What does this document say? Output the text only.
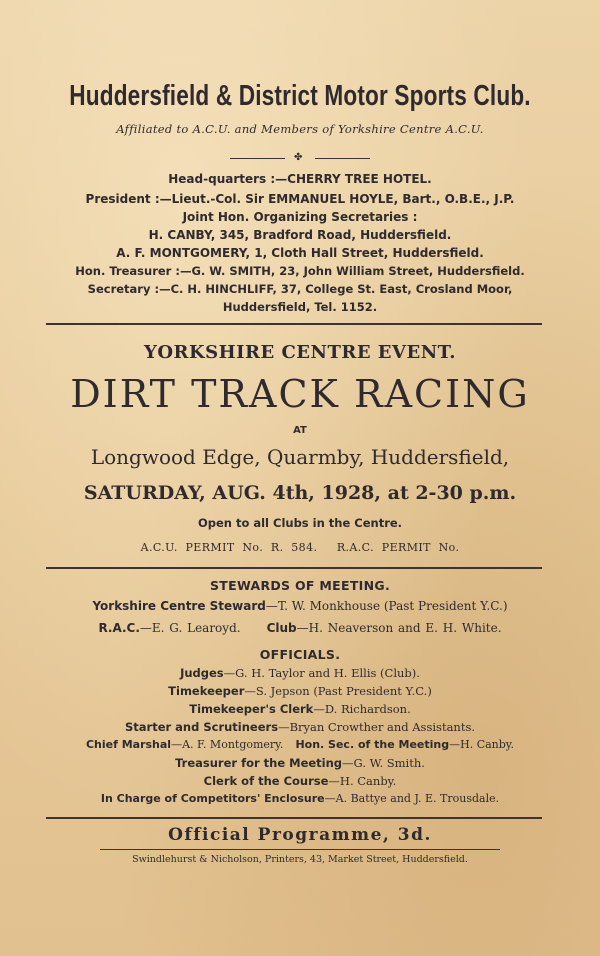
Huddersfield & District Motor Sports Club.
Affiliated to A.C.U. and Members of Yorkshire Centre A.C.U.
✤
Head-quarters :—CHERRY TREE HOTEL.
President :—Lieut.-Col. Sir EMMANUEL HOYLE, Bart., O.B.E., J.P.
Joint Hon. Organizing Secretaries :
H. CANBY, 345, Bradford Road, Huddersfield.
A. F. MONTGOMERY, 1, Cloth Hall Street, Huddersfield.
Hon. Treasurer :—G. W. SMITH, 23, John William Street, Huddersfield.
Secretary :—C. H. HINCHLIFF, 37, College St. East, Crosland Moor,
Huddersfield, Tel. 1152.
YORKSHIRE CENTRE EVENT.
DIRT TRACK RACING
AT
Longwood Edge, Quarmby, Huddersfield,
SATURDAY, AUG. 4th, 1928, at 2-30 p.m.
Open to all Clubs in the Centre.
A.C.U.  PERMIT  No.  R.  584.     R.A.C.  PERMIT  No.
STEWARDS OF MEETING.
Yorkshire Centre Steward—T. W. Monkhouse (Past President Y.C.)
R.A.C.—E. G. Learoyd. Club—H. Neaverson and E. H. White.
OFFICIALS.
Judges—G. H. Taylor and H. Ellis (Club).
Timekeeper—S. Jepson (Past President Y.C.)
Timekeeper's Clerk—D. Richardson.
Starter and Scrutineers—Bryan Crowther and Assistants.
Chief Marshal—A. F. Montgomery. Hon. Sec. of the Meeting—H. Canby.
Treasurer for the Meeting—G. W. Smith.
Clerk of the Course—H. Canby.
In Charge of Competitors' Enclosure—A. Battye and J. E. Trousdale.
Official Programme, 3d.
Swindlehurst & Nicholson, Printers, 43, Market Street, Huddersfield.
